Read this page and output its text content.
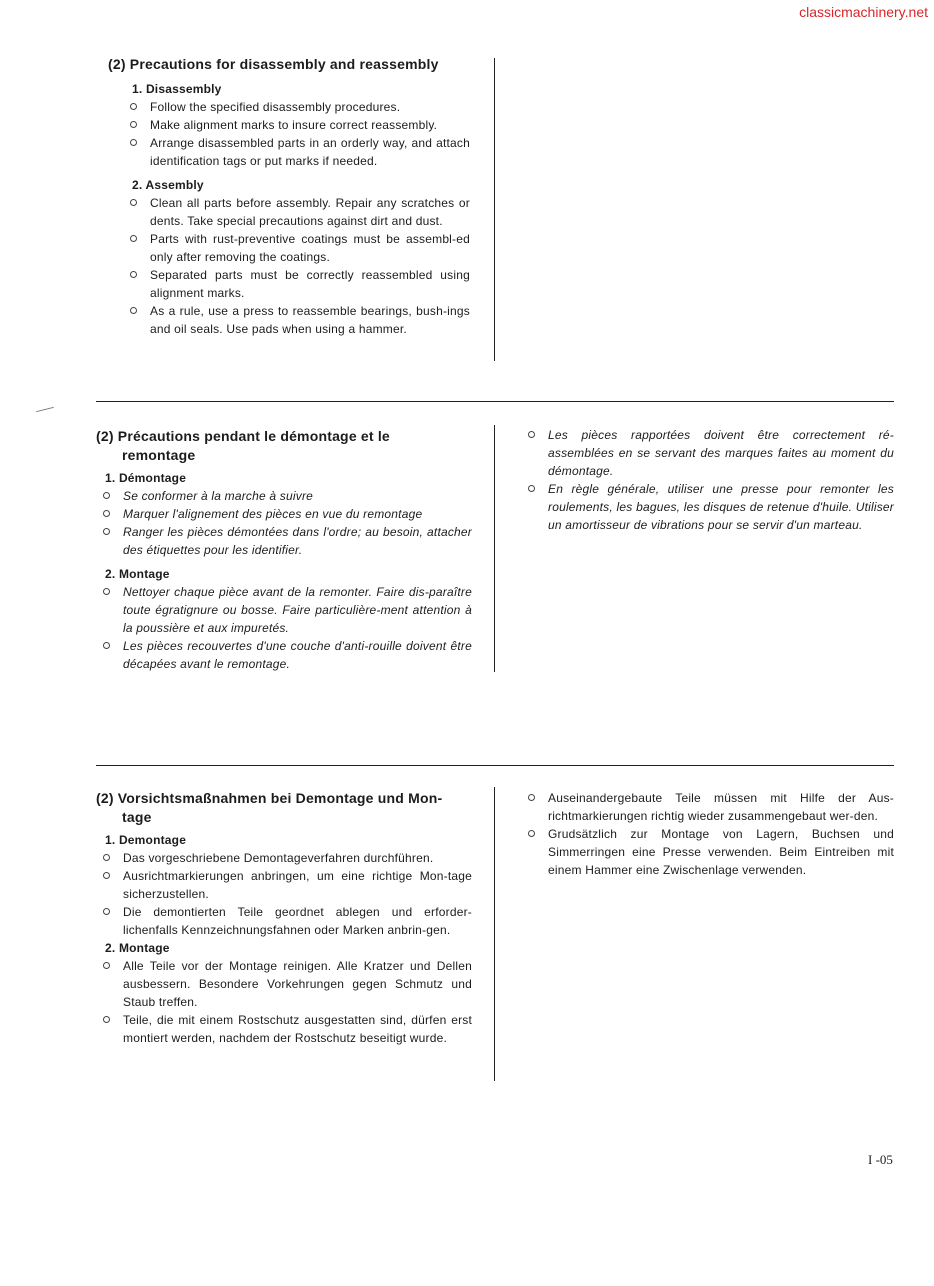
classicmachinery.net
(2) Precautions for disassembly and reassembly
1. Disassembly
Follow the specified disassembly procedures.
Make alignment marks to insure correct reassembly.
Arrange disassembled parts in an orderly way, and attach identification tags or put marks if needed.
2. Assembly
Clean all parts before assembly. Repair any scratches or dents. Take special precautions against dirt and dust.
Parts with rust-preventive coatings must be assembl-ed only after removing the coatings.
Separated parts must be correctly reassembled using alignment marks.
As a rule, use a press to reassemble bearings, bush-ings and oil seals. Use pads when using a hammer.
(2) Précautions pendant le démontage et le
remontage
1. Démontage
Se conformer à la marche à suivre
Marquer l'alignement des pièces en vue du remontage
Ranger les pièces démontées dans l'ordre; au besoin, attacher des étiquettes pour les identifier.
2. Montage
Nettoyer chaque pièce avant de la remonter. Faire dis-paraître toute égratignure ou bosse. Faire particulière-ment attention à la poussière et aux impuretés.
Les pièces recouvertes d'une couche d'anti-rouille doivent être décapées avant le remontage.
Les pièces rapportées doivent être correctement ré-assemblées en se servant des marques faites au moment du démontage.
En règle générale, utiliser une presse pour remonter les roulements, les bagues, les disques de retenue d'huile. Utiliser un amortisseur de vibrations pour se servir d'un marteau.
(2) Vorsichtsmaßnahmen bei Demontage und Mon-
tage
1. Demontage
Das vorgeschriebene Demontageverfahren durchführen.
Ausrichtmarkierungen anbringen, um eine richtige Mon-tage sicherzustellen.
Die demontierten Teile geordnet ablegen und erforder-lichenfalls Kennzeichnungsfahnen oder Marken anbrin-gen.
2. Montage
Alle Teile vor der Montage reinigen. Alle Kratzer und Dellen ausbessern. Besondere Vorkehrungen gegen Schmutz und Staub treffen.
Teile, die mit einem Rostschutz ausgestatten sind, dürfen erst montiert werden, nachdem der Rostschutz beseitigt wurde.
Auseinandergebaute Teile müssen mit Hilfe der Aus-richtmarkierungen richtig wieder zusammengebaut wer-den.
Grudsätzlich zur Montage von Lagern, Buchsen und Simmerringen eine Presse verwenden. Beim Eintreiben mit einem Hammer eine Zwischenlage verwenden.
I -05
